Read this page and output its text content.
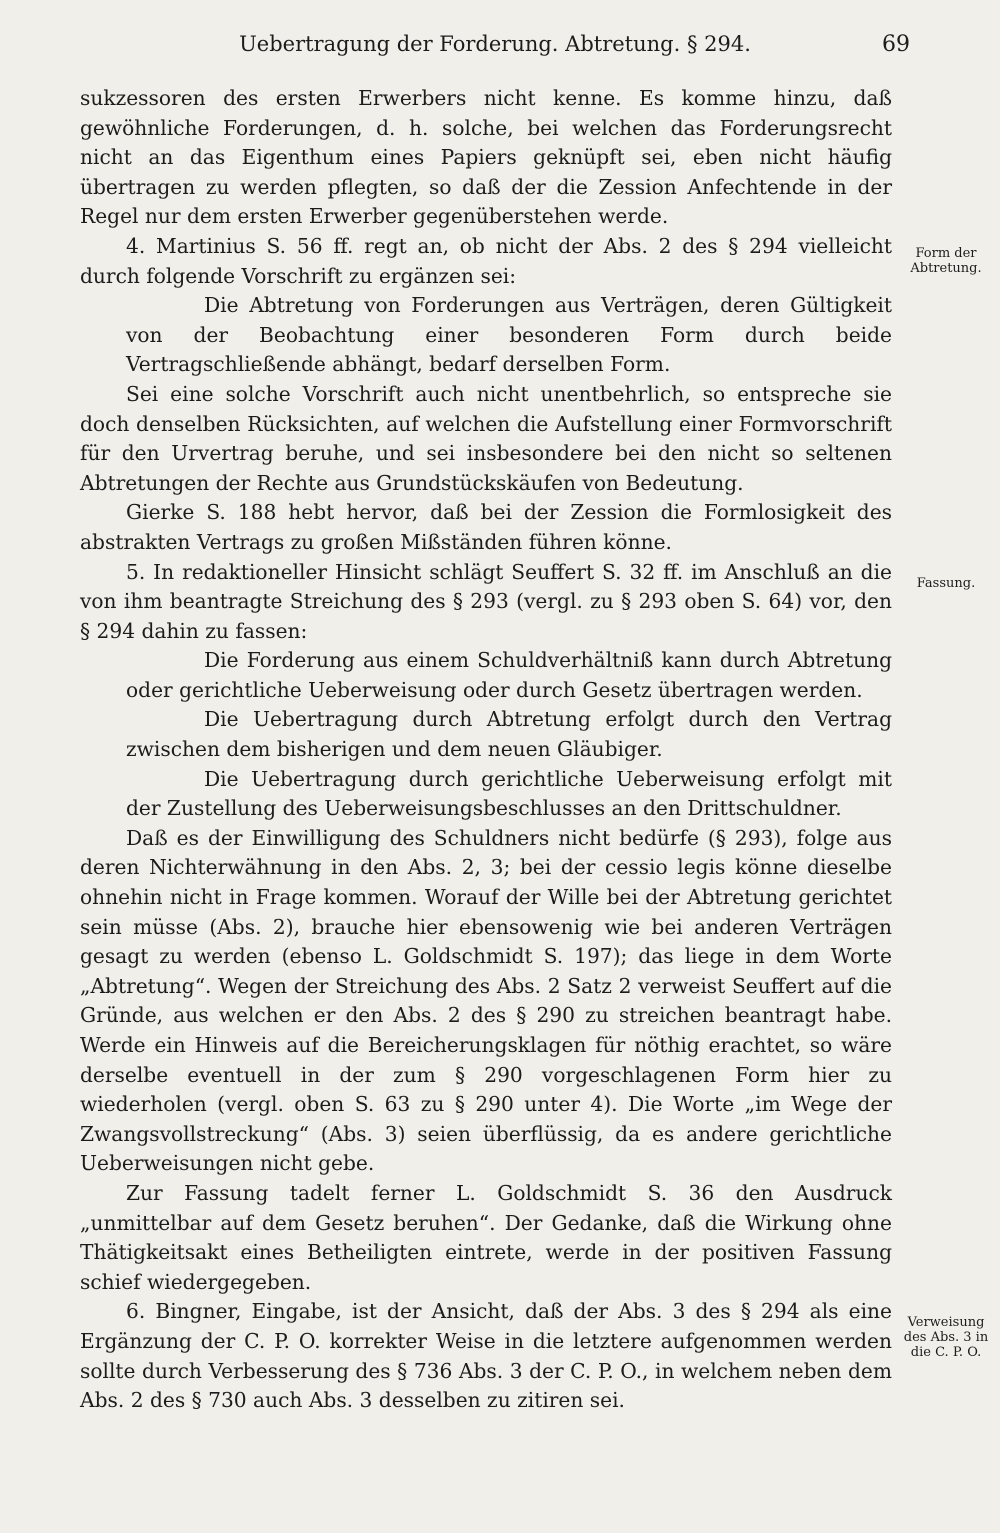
Uebertragung der Forderung. Abtretung. § 294.	69

sukzessoren des ersten Erwerbers nicht kenne. Es komme hinzu, daß gewöhnliche Forderungen, d. h. solche, bei welchen das Forderungsrecht nicht an das Eigenthum eines Papiers geknüpft sei, eben nicht häufig übertragen zu werden pflegten, so daß der die Zession Anfechtende in der Regel nur dem ersten Erwerber gegenüberstehen werde.

4. Martinius S. 56 ff. regt an, ob nicht der Abs. 2 des § 294 vielleicht durch folgende Vorschrift zu ergänzen sei:

Die Abtretung von Forderungen aus Verträgen, deren Gültigkeit von der Beobachtung einer besonderen Form durch beide Vertragschließende abhängt, bedarf derselben Form.

Sei eine solche Vorschrift auch nicht unentbehrlich, so entspreche sie doch denselben Rücksichten, auf welchen die Aufstellung einer Formvorschrift für den Urvertrag beruhe, und sei insbesondere bei den nicht so seltenen Abtretungen der Rechte aus Grundstückskäufen von Bedeutung.

Gierke S. 188 hebt hervor, daß bei der Zession die Formlosigkeit des abstrakten Vertrags zu großen Mißständen führen könne.

5. In redaktioneller Hinsicht schlägt Seuffert S. 32 ff. im Anschluß an die von ihm beantragte Streichung des § 293 (vergl. zu § 293 oben S. 64) vor, den § 294 dahin zu fassen:

Die Forderung aus einem Schuldverhältniß kann durch Abtretung oder gerichtliche Ueberweisung oder durch Gesetz übertragen werden.

Die Uebertragung durch Abtretung erfolgt durch den Vertrag zwischen dem bisherigen und dem neuen Gläubiger.

Die Uebertragung durch gerichtliche Ueberweisung erfolgt mit der Zustellung des Ueberweisungsbeschlusses an den Drittschuldner.

Daß es der Einwilligung des Schuldners nicht bedürfe (§ 293), folge aus deren Nichterwähnung in den Abs. 2, 3; bei der cessio legis könne dieselbe ohnehin nicht in Frage kommen. Worauf der Wille bei der Abtretung gerichtet sein müsse (Abs. 2), brauche hier ebensowenig wie bei anderen Verträgen gesagt zu werden (ebenso L. Goldschmidt S. 197); das liege in dem Worte „Abtretung“. Wegen der Streichung des Abs. 2 Satz 2 verweist Seuffert auf die Gründe, aus welchen er den Abs. 2 des § 290 zu streichen beantragt habe. Werde ein Hinweis auf die Bereicherungsklagen für nöthig erachtet, so wäre derselbe eventuell in der zum § 290 vorgeschlagenen Form hier zu wiederholen (vergl. oben S. 63 zu § 290 unter 4). Die Worte „im Wege der Zwangsvollstreckung“ (Abs. 3) seien überflüssig, da es andere gerichtliche Ueberweisungen nicht gebe.

Zur Fassung tadelt ferner L. Goldschmidt S. 36 den Ausdruck „unmittelbar auf dem Gesetz beruhen“. Der Gedanke, daß die Wirkung ohne Thätigkeitsakt eines Betheiligten eintrete, werde in der positiven Fassung schief wiedergegeben.

6. Bingner, Eingabe, ist der Ansicht, daß der Abs. 3 des § 294 als eine Ergänzung der C. P. O. korrekter Weise in die letztere aufgenommen werden sollte durch Verbesserung des § 736 Abs. 3 der C. P. O., in welchem neben dem Abs. 2 des § 730 auch Abs. 3 desselben zu zitiren sei.

Form der Abtretung.
Fassung.
Verweisung des Abs. 3 in die C. P. O.
